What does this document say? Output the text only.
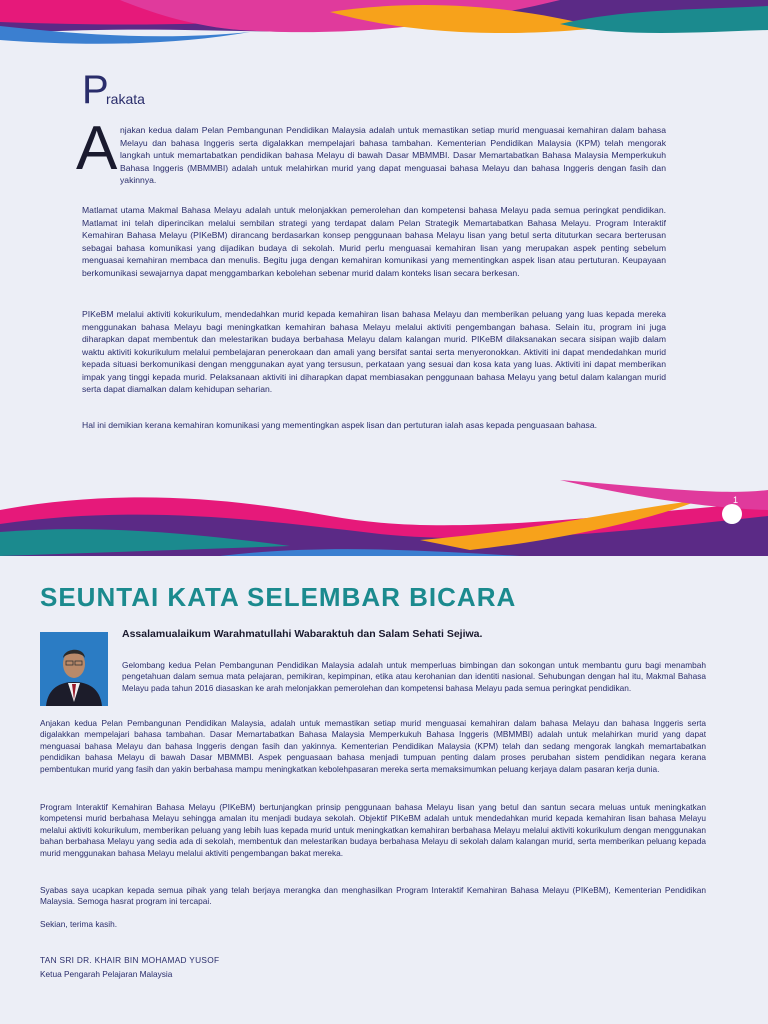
P
rakata
A njakan kedua dalam Pelan Pembangunan Pendidikan Malaysia adalah untuk memastikan setiap murid menguasai kemahiran dalam bahasa Melayu dan bahasa Inggeris serta digalakkan mempelajari bahasa tambahan. Kementerian Pendidikan Malaysia (KPM) telah mengorak langkah untuk memartabatkan pendidikan bahasa Melayu di bawah Dasar MBMMBI. Dasar Memartabatkan Bahasa Malaysia Memperkukuh Bahasa Inggeris (MBMMBI) adalah untuk melahirkan murid yang dapat menguasai bahasa Melayu dan bahasa Inggeris dengan fasih dan yakinnya.
Matlamat utama Makmal Bahasa Melayu adalah untuk melonjakkan pemerolehan dan kompetensi bahasa Melayu pada semua peringkat pendidikan. Matlamat ini telah diperincikan melalui sembilan strategi yang terdapat dalam Pelan Strategik Memartabatkan Bahasa Melayu. Program Interaktif Kemahiran Bahasa Melayu (PIKeBM) dirancang berdasarkan konsep penggunaan bahasa Melayu lisan yang betul serta dituturkan secara berterusan sebagai bahasa komunikasi yang dijadikan budaya di sekolah. Murid perlu menguasai kemahiran lisan yang merupakan aspek penting sebelum menguasai kemahiran membaca dan menulis. Begitu juga dengan kemahiran komunikasi yang mementingkan aspek lisan atau pertuturan. Keupayaan berkomunikasi sewajarnya dapat menggambarkan kebolehan sebenar murid dalam konteks lisan secara berkesan.
PIKeBM melalui aktiviti kokurikulum, mendedahkan murid kepada kemahiran lisan bahasa Melayu dan memberikan peluang yang luas kepada mereka menggunakan bahasa Melayu bagi meningkatkan kemahiran bahasa Melayu melalui aktiviti pengembangan bahasa. Selain itu, program ini juga diharapkan dapat membentuk dan melestarikan budaya berbahasa Melayu dalam kalangan murid. PIKeBM dilaksanakan secara sisipan wajib dalam waktu aktiviti kokurikulum melalui pembelajaran penerokaan dan amali yang bersifat santai serta menyeronokkan. Aktiviti ini dapat mendedahkan murid kepada situasi berkomunikasi dengan menggunakan ayat yang tersusun, perkataan yang sesuai dan kosa kata yang luas. Aktiviti ini dapat memberikan impak yang tinggi kepada murid. Pelaksanaan aktiviti ini diharapkan dapat membiasakan penggunaan bahasa Melayu yang betul dalam kalangan murid serta dapat diamalkan dalam kehidupan seharian.
Hal ini demikian kerana kemahiran komunikasi yang mementingkan aspek lisan dan pertuturan ialah asas kepada penguasaan bahasa.
1
SEUNTAI KATA SELEMBAR BICARA
Assalamualaikum Warahmatullahi Wabaraktuh dan Salam Sehati Sejiwa.
Gelombang kedua Pelan Pembangunan Pendidikan Malaysia adalah untuk memperluas bimbingan dan sokongan untuk membantu guru bagi menambah pengetahuan dalam semua mata pelajaran, pemikiran, kepimpinan, etika atau kerohanian dan identiti nasional. Sehubungan dengan hal itu, Makmal Bahasa Melayu pada tahun 2016 diasaskan ke arah melonjakkan pemerolehan dan kompetensi bahasa Melayu pada semua peringkat pendidikan.
Anjakan kedua Pelan Pembangunan Pendidikan Malaysia, adalah untuk memastikan setiap murid menguasai kemahiran dalam bahasa Melayu dan bahasa Inggeris serta digalakkan mempelajari bahasa tambahan. Dasar Memartabatkan Bahasa Malaysia Memperkukuh Bahasa Inggeris (MBMMBI) adalah untuk melahirkan murid yang dapat menguasai bahasa Melayu dan bahasa Inggeris dengan fasih dan yakinnya. Kementerian Pendidikan Malaysia (KPM) telah dan sedang mengorak langkah memartabatkan pendidikan bahasa Melayu di bawah Dasar MBMMBI. Aspek penguasaan bahasa menjadi tumpuan penting dalam proses perubahan sistem pendidikan negara kerana pembentukan murid yang fasih dan yakin berbahasa mampu meningkatkan kebolehpasaran mereka serta memaksimumkan peluang kerjaya dalam pasaran kerja dunia.
Program Interaktif Kemahiran Bahasa Melayu (PIKeBM) bertunjangkan prinsip penggunaan bahasa Melayu lisan yang betul dan santun secara meluas untuk meningkatkan kompetensi murid berbahasa Melayu sehingga amalan itu menjadi budaya sekolah. Objektif PIKeBM adalah untuk mendedahkan murid kepada kemahiran lisan bahasa Melayu melalui aktiviti kokurikulum, memberikan peluang yang lebih luas kepada murid untuk meningkatkan kemahiran berbahasa Melayu melalui aktiviti kokurikulum dengan menggunakan bahan berbahasa Melayu yang sedia ada di sekolah, membentuk dan melestarikan budaya berbahasa Melayu di sekolah dalam kalangan murid, serta memberikan peluang kepada murid menggunakan bahasa Melayu melalui aktiviti pengembangan bakat mereka.
Syabas saya ucapkan kepada semua pihak yang telah berjaya merangka dan menghasilkan Program Interaktif Kemahiran Bahasa Melayu (PIKeBM), Kementerian Pendidikan Malaysia. Semoga hasrat program ini tercapai.
Sekian, terima kasih.
TAN SRI DR. KHAIR BIN MOHAMAD YUSOF
Ketua Pengarah Pelajaran Malaysia
